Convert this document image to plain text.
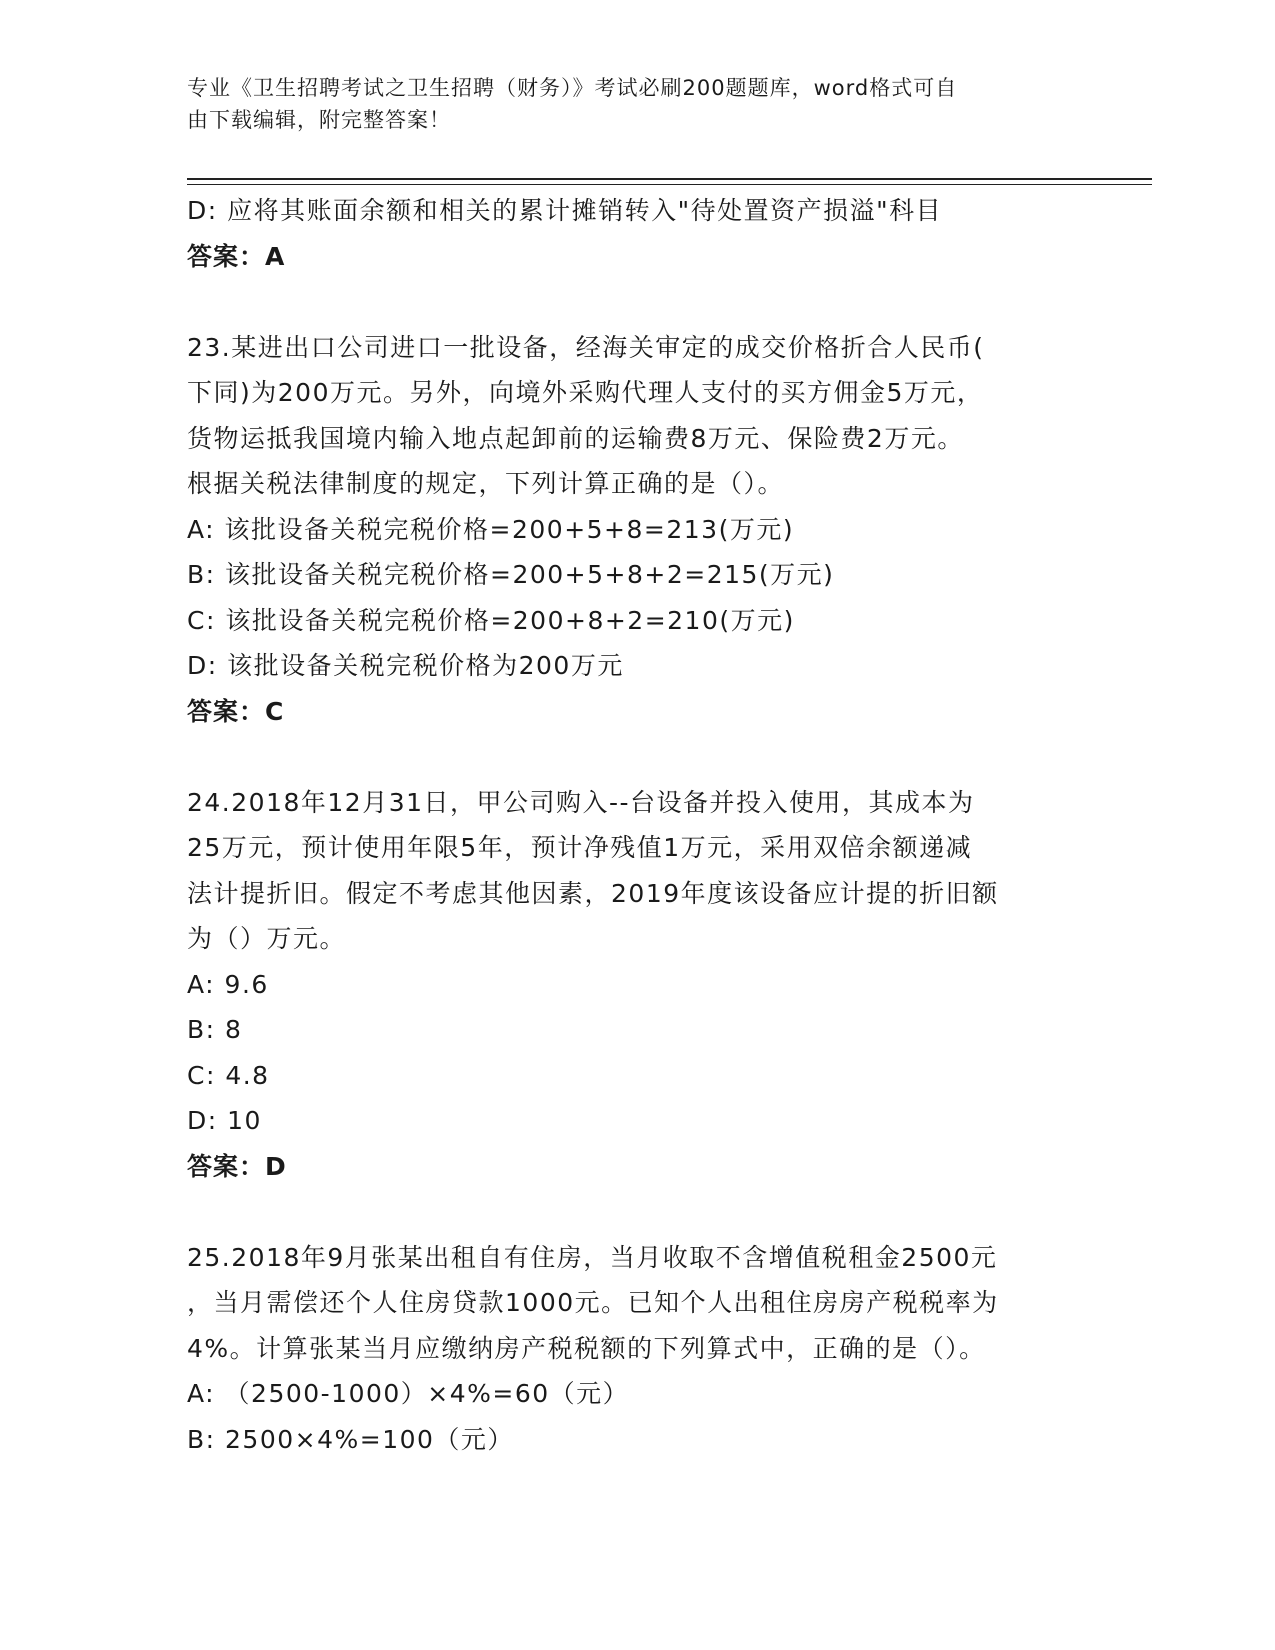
专业《卫生招聘考试之卫生招聘（财务）》考试必刷200题题库，word格式可自
由下载编辑，附完整答案！
D: 应将其账面余额和相关的累计摊销转入"待处置资产损溢"科目
答案：A
23.某进出口公司进口一批设备，经海关审定的成交价格折合人民币(
下同)为200万元。另外，向境外采购代理人支付的买方佣金5万元，
货物运抵我国境内输入地点起卸前的运输费8万元、保险费2万元。
根据关税法律制度的规定，下列计算正确的是（）。
A: 该批设备关税完税价格=200+5+8=213(万元)
B: 该批设备关税完税价格=200+5+8+2=215(万元)
C: 该批设备关税完税价格=200+8+2=210(万元)
D: 该批设备关税完税价格为200万元
答案：C
24.2018年12月31日，甲公司购入--台设备并投入使用，其成本为
25万元，预计使用年限5年，预计净残值1万元，采用双倍余额递减
法计提折旧。假定不考虑其他因素，2019年度该设备应计提的折旧额
为（）万元。
A: 9.6
B: 8
C: 4.8
D: 10
答案：D
25.2018年9月张某出租自有住房，当月收取不含增值税租金2500元
，当月需偿还个人住房贷款1000元。已知个人出租住房房产税税率为
4%。计算张某当月应缴纳房产税税额的下列算式中，正确的是（）。
A: （2500-1000）×4%=60（元）
B: 2500×4%=100（元）
